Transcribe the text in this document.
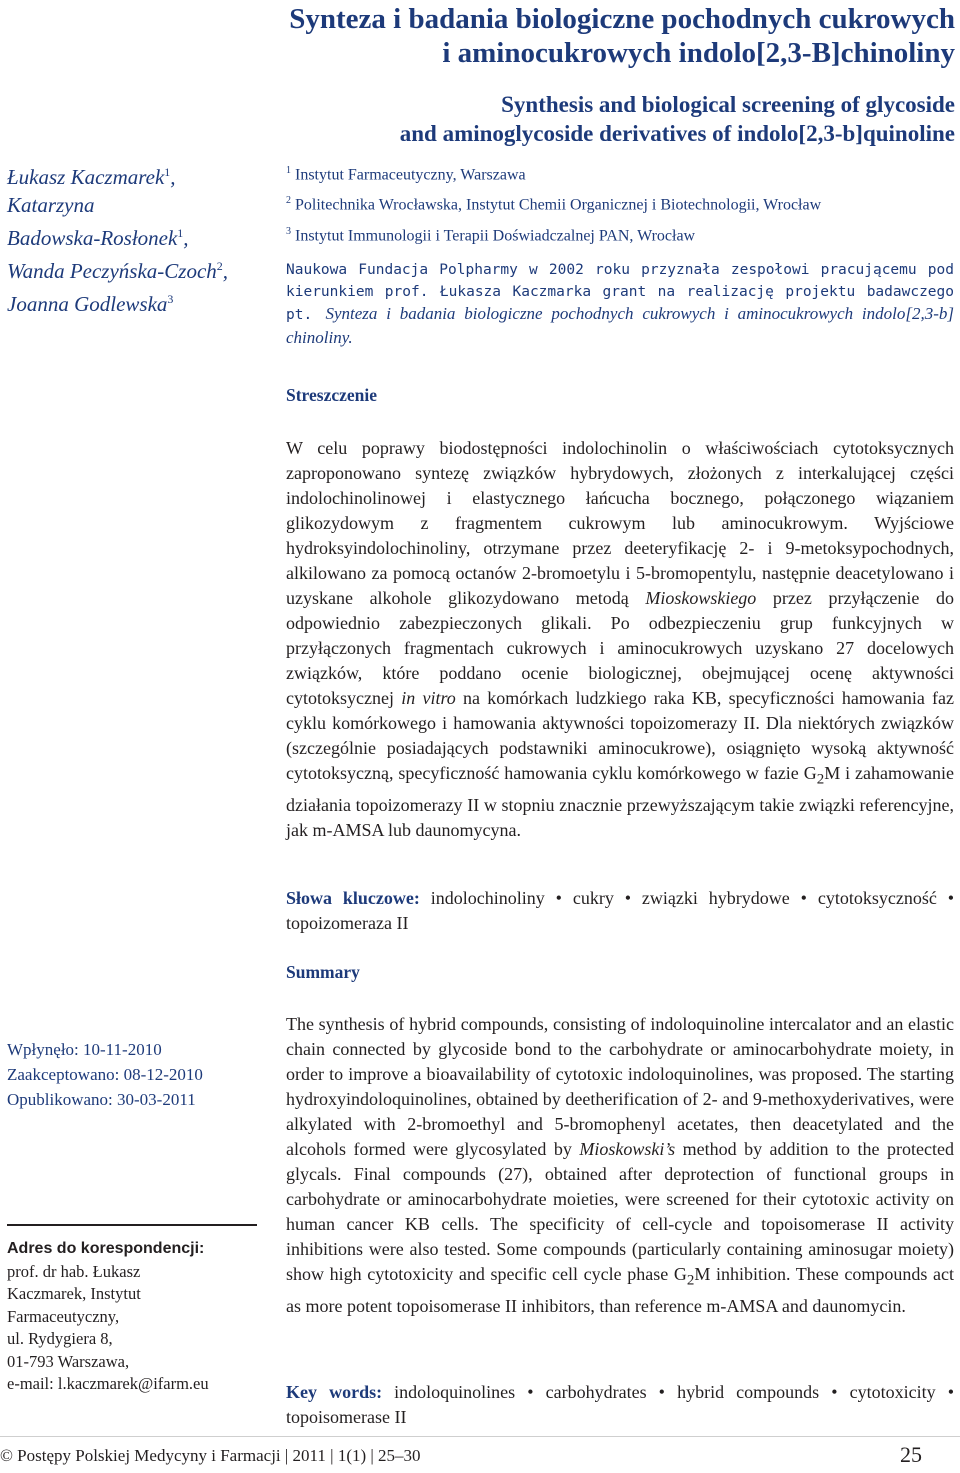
Synteza i badania biologiczne pochodnych cukrowych
i aminocukrowych indolo[2,3-B]chinoliny
Synthesis and biological screening of glycoside
and aminoglycoside derivatives of indolo[2,3-b]quinoline
Łukasz Kaczmarek$^1$,
Katarzyna
Badowska-Rosłonek$^1$,
Wanda Peczyńska-Czoch$^2$,
Joanna Godlewska$^3$
$^1$ Instytut Farmaceutyczny, Warszawa
$^2$ Politechnika Wrocławska, Instytut Chemii Organicznej i Biotechnologii, Wrocław
$^3$ Instytut Immunologii i Terapii Doświadczalnej PAN, Wrocław
Naukowa Fundacja Polpharmy w 2002 roku przyznała zespołowi pracującemu pod kierunkiem prof. Łukasza Kaczmarka grant na realizację projektu badawczego pt. Synteza i badania biologiczne pochodnych cukrowych i aminocukrowych indolo[2,3-b] chinoliny.
Streszczenie
W celu poprawy biodostępności indolochinolin o właściwościach cytotoksycznych zaproponowano syntezę związków hybrydowych, złożonych z interkalującej części indolochinolinowej i elastycznego łańcucha bocznego, połączonego wiązaniem glikozydowym z fragmentem cukrowym lub aminocukrowym. Wyjściowe hydroksyindolochinoliny, otrzymane przez deeteryfikację 2- i 9-metoksypochodnych, alkilowano za pomocą octanów 2-bromoetylu i 5-bromopentylu, następnie deacetylowano i uzyskane alkohole glikozydowano metodą Mioskowskiego przez przyłączenie do odpowiednio zabezpieczonych glikali. Po odbezpieczeniu grup funkcyjnych w przyłączonych fragmentach cukrowych i aminocukrowych uzyskano 27 docelowych związków, które poddano ocenie biologicznej, obejmującej ocenę aktywności cytotoksycznej in vitro na komórkach ludzkiego raka KB, specyficzności hamowania faz cyklu komórkowego i hamowania aktywności topoizomerazy II. Dla niektórych związków (szczególnie posiadających podstawniki aminocukrowe), osiągnięto wysoką aktywność cytotoksyczną, specyficzność hamowania cyklu komórkowego w fazie $G_2M$ i zahamowanie działania topoizomerazy II w stopniu znacznie przewyższającym takie związki referencyjne, jak m-AMSA lub daunomycyna.
Słowa kluczowe: indolochinoliny • cukry • związki hybrydowe • cytotoksyczność • topoizomeraza II
Summary
The synthesis of hybrid compounds, consisting of indoloquinoline intercalator and an elastic chain connected by glycoside bond to the carbohydrate or aminocarbohydrate moiety, in order to improve a bioavailability of cytotoxic indoloquinolines, was proposed. The starting hydroxyindoloquinolines, obtained by deetherification of 2- and 9-methoxyderivatives, were alkylated with 2-bromoethyl and 5-bromophenyl acetates, then deacetylated and the alcohols formed were glycosylated by Mioskowski’s method by addition to the protected glycals. Final compounds (27), obtained after deprotection of functional groups in carbohydrate or aminocarbohydrate moieties, were screened for their cytotoxic activity on human cancer KB cells. The specificity of cell-cycle and topoisomerase II activity inhibitions were also tested. Some compounds (particularly containing aminosugar moiety) show high cytotoxicity and specific cell cycle phase $G_2M$ inhibition. These compounds act as more potent topoisomerase II inhibitors, than reference m-AMSA and daunomycin.
Key words: indoloquinolines • carbohydrates • hybrid compounds • cytotoxicity • topoisomerase II
Wpłynęło: 10-11-2010
Zaakceptowano: 08-12-2010
Opublikowano: 30-03-2011
Adres do korespondencji:
prof. dr hab. Łukasz
Kaczmarek, Instytut
Farmaceutyczny,
ul. Rydygiera 8,
01-793 Warszawa,
e-mail: l.kaczmarek@ifarm.eu
© Postępy Polskiej Medycyny i Farmacji | 2011 | 1(1) | 25–30	25
